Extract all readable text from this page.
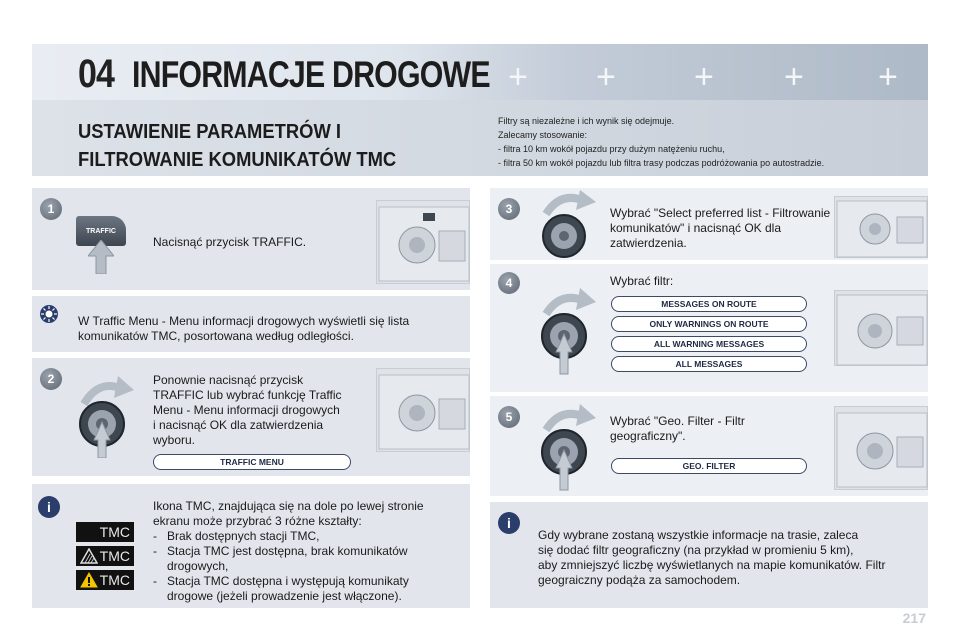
04 INFORMACJE DROGOWE + + + + +
USTAWIENIE PARAMETRÓW I
FILTROWANIE KOMUNIKATÓW TMC
Filtry są niezależne i ich wynik się odejmuje.
Zalecamy stosowanie:
- filtra 10 km wokół pojazdu przy dużym natężeniu ruchu,
- filtra 50 km wokół pojazdu lub filtra trasy podczas podróżowania po autostradzie.
1
TRAFFIC
Nacisnąć przycisk TRAFFIC.
W Traffic Menu - Menu informacji drogowych wyświetli się lista
komunikatów TMC, posortowana według odległości.
2	Ponownie nacisnąć przycisk
TRAFFIC lub wybrać funkcję Traffic
Menu - Menu informacji drogowych
i nacisnąć OK dla zatwierdzenia
wyboru.
TRAFFIC MENU
i	Ikona TMC, znajdująca się na dole po lewej stronie
ekranu może przybrać 3 różne kształty:
- Brak dostępnych stacji TMC,
- Stacja TMC jest dostępna, brak komunikatów
drogowych,
- Stacja TMC dostępna i występują komunikaty
drogowe (jeżeli prowadzenie jest włączone).
TMC
TMC
TMC
3	Wybrać "Select preferred list - Filtrowanie
komunikatów" i nacisnąć OK dla
zatwierdzenia.
4	Wybrać filtr:
MESSAGES ON ROUTE
ONLY WARNINGS ON ROUTE
ALL WARNING MESSAGES
ALL MESSAGES
5	Wybrać "Geo. Filter - Filtr
geograficzny".
GEO. FILTER
i
Gdy wybrane zostaną wszystkie informacje na trasie, zaleca
się dodać filtr geograficzny (na przykład w promieniu 5 km),
aby zmniejszyć liczbę wyświetlanych na mapie komunikatów. Filtr
geograiczny podąża za samochodem.
217
